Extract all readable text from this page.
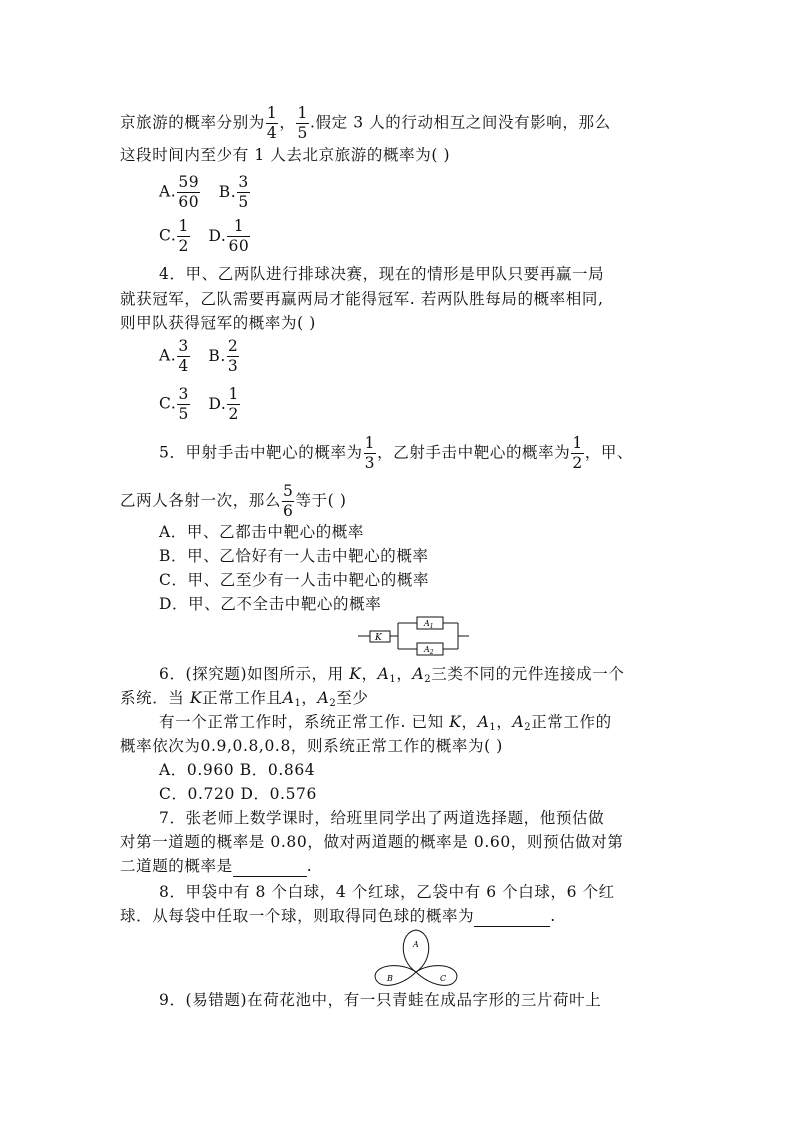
京旅游的概率分别为 $\frac{1}{4}$ ， $\frac{1}{5}$ .假定 3 人的行动相互之间没有影响，那么
这段时间内至少有 1 人去北京旅游的概率为( )
A. $\frac{59}{60} B$. $\frac{3}{5}$
C. $\frac{1}{2} D$. $\frac{1}{60}$
4．甲、乙两队进行排球决赛，现在的情形是甲队只要再赢一局
就获冠军，乙队需要再赢两局才能得冠军. 若两队胜每局的概率相同,
则甲队获得冠军的概率为( )
A. $\frac{3}{4} B$. $\frac{2}{3}$
C. $\frac{3}{5} D$. $\frac{1}{2}$
5．甲射手击中靶心的概率为 $\frac{1}{3}$ ，乙射手击中靶心的概率为 $\frac{1}{2}$ ，甲、
乙两人各射一次，那么 $\frac{5}{6}$ 等于( )
A．甲、乙都击中靶心的概率
B．甲、乙恰好有一人击中靶心的概率
C．甲、乙至少有一人击中靶心的概率
D．甲、乙不全击中靶心的概率
K
$A_1$
$A_2$
6．(探究题)如图所示，用 K，$A_1$，$A_2$三类不同的元件连接成一个
系统．当 K正常工作且$A_1$，$A_2$至少
有一个正常工作时，系统正常工作. 已知 K，$A_1$，$A_2$正常工作的
概率依次为0.9,0.8,0.8，则系统正常工作的概率为( )
A．0.960 B．0.864
C．0.720 D．0.576
7．张老师上数学课时，给班里同学出了两道选择题，他预估做
对第一道题的概率是 0.80，做对两道题的概率是 0.60，则预估做对第
二道题的概率是	.
8．甲袋中有 8 个白球，4 个红球，乙袋中有 6 个白球，6 个红
球．从每袋中任取一个球，则取得同色球的概率为	.
A
B	C
9．(易错题)在荷花池中，有一只青蛙在成品字形的三片荷叶上
